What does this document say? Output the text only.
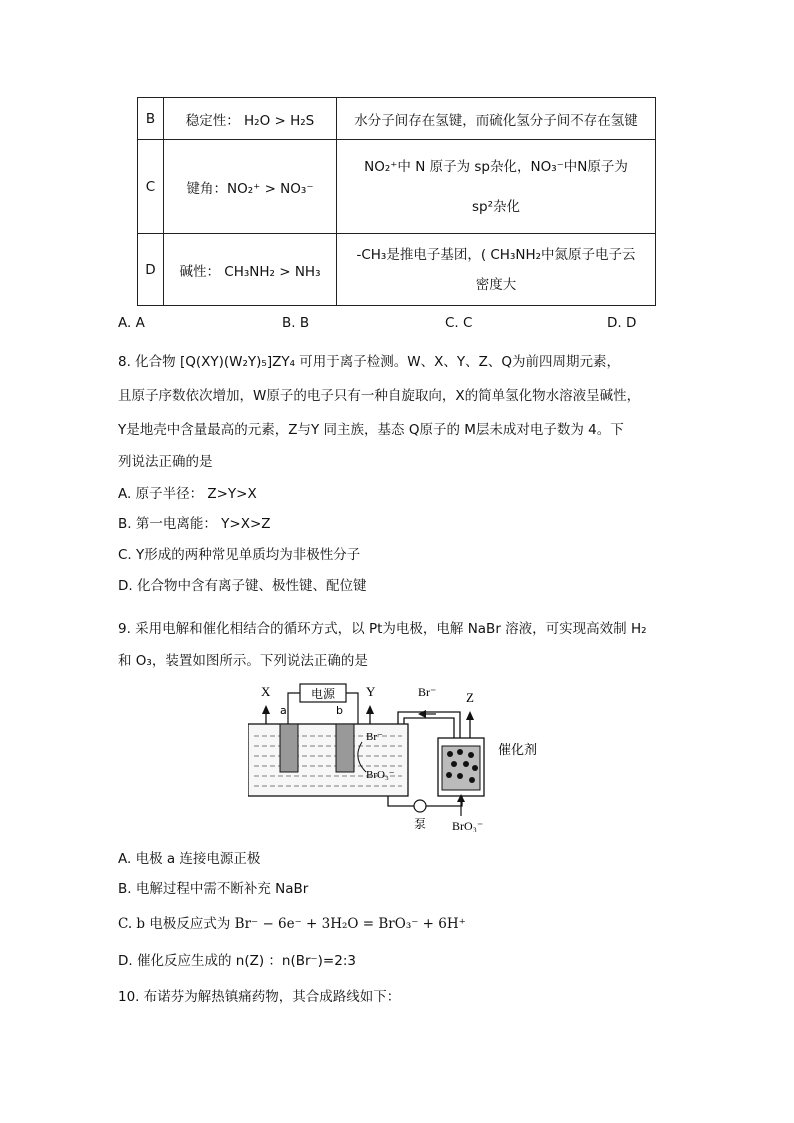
B	稳定性： H₂O > H₂S	水分子间存在氢键，而硫化氢分子间不存在氢键
C	键角：NO₂⁺ > NO₃⁻	NO₂⁺中 N 原子为 sp杂化，NO₃⁻中N原子为
sp²杂化

D	碱性： CH₃NH₂ > NH₃	-CH₃是推电子基团，( CH₃NH₂中氮原子电子云
密度大
A. A	B. B	C. C	D. D
8. 化合物 [Q(XY)(W₂Y)₅]ZY₄ 可用于离子检测。W、X、Y、Z、Q为前四周期元素，
且原子序数依次增加，W原子的电子只有一种自旋取向，X的简单氢化物水溶液呈碱性，
Y是地壳中含量最高的元素，Z与Y 同主族，基态 Q原子的 M层未成对电子数为 4。下
列说法正确的是
A. 原子半径： Z>Y>X
B. 第一电离能： Y>X>Z
C. Y形成的两种常见单质均为非极性分子
D. 化合物中含有离子键、极性键、配位键
9. 采用电解和催化相结合的循环方式，以 Pt为电极，电解 NaBr 溶液，可实现高效制 H₂
和 O₃，装置如图所示。下列说法正确的是
X	电源
a	b
Y	Br⁻
Br⁻
BrO₃⁻
泵
催化剂
Z
BrO₃⁻
A. 电极 a 连接电源正极
B. 电解过程中需不断补充 NaBr
C. b 电极反应式为 Br⁻ − 6e⁻ + 3H₂O = BrO₃⁻ + 6H⁺
D. 催化反应生成的 n(Z) ：n(Br⁻)=2:3
10. 布诺芬为解热镇痛药物，其合成路线如下：
